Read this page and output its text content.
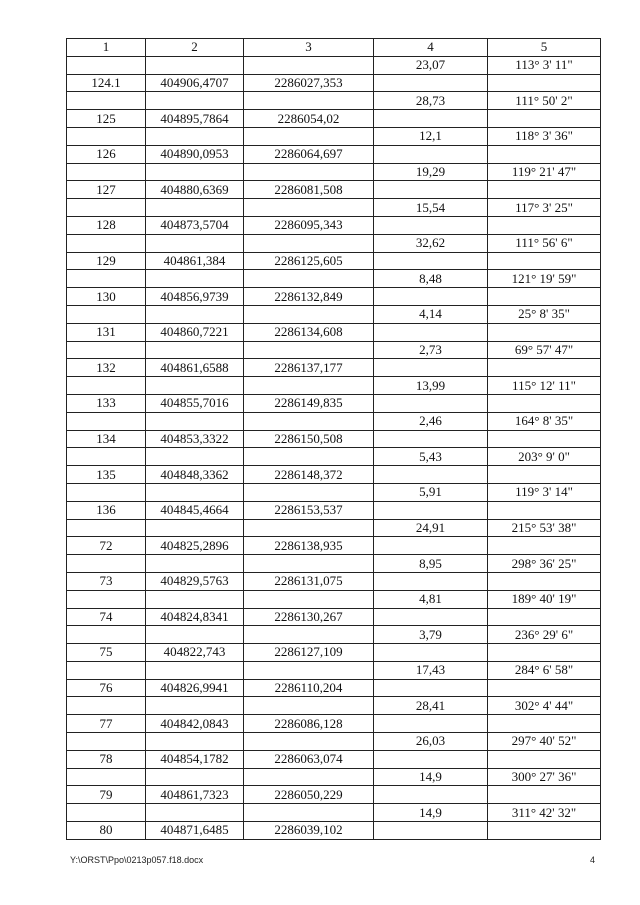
1	2	3	4	5
			23,07	113° 3' 11"
124.1	404906,4707	2286027,353		
			28,73	111° 50' 2"
125	404895,7864	2286054,02		
			12,1	118° 3' 36"
126	404890,0953	2286064,697		
			19,29	119° 21' 47"
127	404880,6369	2286081,508		
			15,54	117° 3' 25"
128	404873,5704	2286095,343		
			32,62	111° 56' 6"
129	404861,384	2286125,605		
			8,48	121° 19' 59"
130	404856,9739	2286132,849		
			4,14	25° 8' 35"
131	404860,7221	2286134,608		
			2,73	69° 57' 47"
132	404861,6588	2286137,177		
			13,99	115° 12' 11"
133	404855,7016	2286149,835		
			2,46	164° 8' 35"
134	404853,3322	2286150,508		
			5,43	203° 9' 0"
135	404848,3362	2286148,372		
			5,91	119° 3' 14"
136	404845,4664	2286153,537		
			24,91	215° 53' 38"
72	404825,2896	2286138,935		
			8,95	298° 36' 25"
73	404829,5763	2286131,075		
			4,81	189° 40' 19"
74	404824,8341	2286130,267		
			3,79	236° 29' 6"
75	404822,743	2286127,109		
			17,43	284° 6' 58"
76	404826,9941	2286110,204		
			28,41	302° 4' 44"
77	404842,0843	2286086,128		
			26,03	297° 40' 52"
78	404854,1782	2286063,074		
			14,9	300° 27' 36"
79	404861,7323	2286050,229		
			14,9	311° 42' 32"
80	404871,6485	2286039,102		
Y:\ORST\Ppo\0213p057.f18.docx	4
